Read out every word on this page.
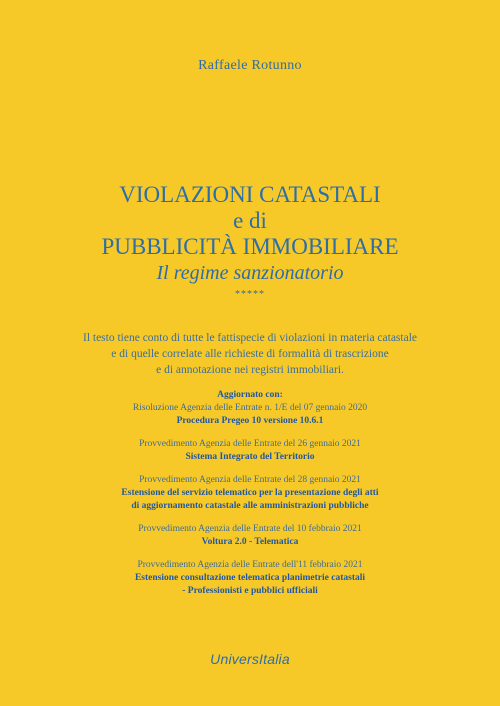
Raffaele Rotunno
VIOLAZIONI CATASTALI
e di
PUBBLICITÀ IMMOBILIARE
Il regime sanzionatorio
*****
Il testo tiene conto di tutte le fattispecie di violazioni in materia catastale
e di quelle correlate alle richieste di formalità di trascrizione
e di annotazione nei registri immobiliari.
Aggiornato con:
Risoluzione Agenzia delle Entrate n. 1/E del 07 gennaio 2020
Procedura Pregeo 10 versione 10.6.1
Provvedimento Agenzia delle Entrate del 26 gennaio 2021
Sistema Integrato del Territorio
Provvedimento Agenzia delle Entrate del 28 gennaio 2021
Estensione del servizio telematico per la presentazione degli atti
di aggiornamento catastale alle amministrazioni pubbliche
Provvedimento Agenzia delle Entrate del 10 febbraio 2021
Voltura 2.0 - Telematica
Provvedimento Agenzia delle Entrate dell'11 febbraio 2021
Estensione consultazione telematica planimetrie catastali
- Professionisti e pubblici ufficiali
UniversItalia
